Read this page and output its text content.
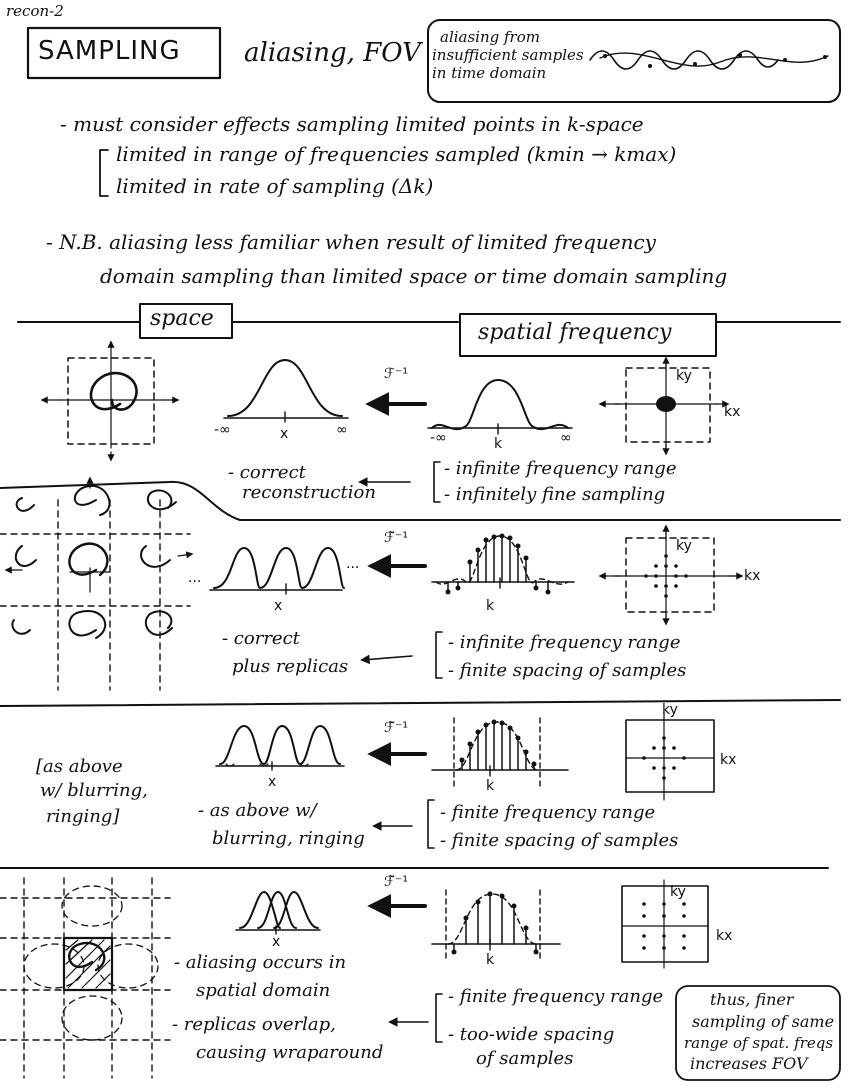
recon-2
SAMPLING aliasing, FOV
aliasing from
insufficient samples
in time domain
- must consider effects sampling limited points in k-space
limited in range of frequencies sampled (kmin → kmax)
limited in rate of sampling (Δk)
- N.B. aliasing less familiar when result of limited frequency
domain sampling than limited space or time domain sampling
space
spatial frequency
-∞	x	∞
ℱ⁻¹
-∞	k	∞
ky
kx
- correct
reconstruction
- infinite frequency range
- infinitely fine sampling
...
...
x
ℱ̃⁻¹
k
ky
kx
- correct
plus replicas
- infinite frequency range
- finite spacing of samples
[as above
w/ blurring,
ringing]
x
ℱ̃⁻¹
k
ky
kx
- as above w/
blurring, ringing
- finite frequency range
- finite spacing of samples
x
ℱ̃⁻¹
k
ky
kx
- aliasing occurs in
spatial domain
- replicas overlap,
causing wraparound
- finite frequency range
- too-wide spacing
of samples
thus, finer
sampling of same
range of spat. freqs
increases FOV
